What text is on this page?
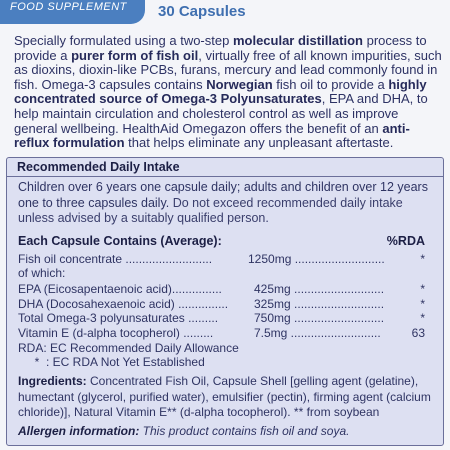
FOOD SUPPLEMENT 30 Capsules
Specially formulated using a two-step molecular distillation process to provide a purer form of fish oil, virtually free of all known impurities, such as dioxins, dioxin-like PCBs, furans, mercury and lead commonly found in fish. Omega-3 capsules contains Norwegian fish oil to provide a highly concentrated source of Omega-3 Polyunsaturates, EPA and DHA, to help maintain circulation and cholesterol control as well as improve general wellbeing. HealthAid Omegazon offers the benefit of an anti-reflux formulation that helps eliminate any unpleasant aftertaste.
Recommended Daily Intake
Children over 6 years one capsule daily; adults and children over 12 years one to three capsules daily. Do not exceed recommended daily intake unless advised by a suitably qualified person.
Each Capsule Contains (Average):	%RDA
Fish oil concentrate ..........................	1250mg ...........................	*
of which:
EPA (Eicosapentaenoic acid)...............	425mg ...........................	*
DHA (Docosahexaenoic acid) ............... 325mg ...........................	*
Total Omega-3 polyunsaturates .........	750mg ...........................	*
Vitamin E (d-alpha tocopherol) .........	7.5mg ...........................	63
RDA: EC Recommended Daily Allowance
*  : EC RDA Not Yet Established
Ingredients: Concentrated Fish Oil, Capsule Shell [gelling agent (gelatine), humectant (glycerol, purified water), emulsifier (pectin), firming agent (calcium chloride)], Natural Vitamin E** (d-alpha tocopherol). ** from soybean
Allergen information: This product contains fish oil and soya.
